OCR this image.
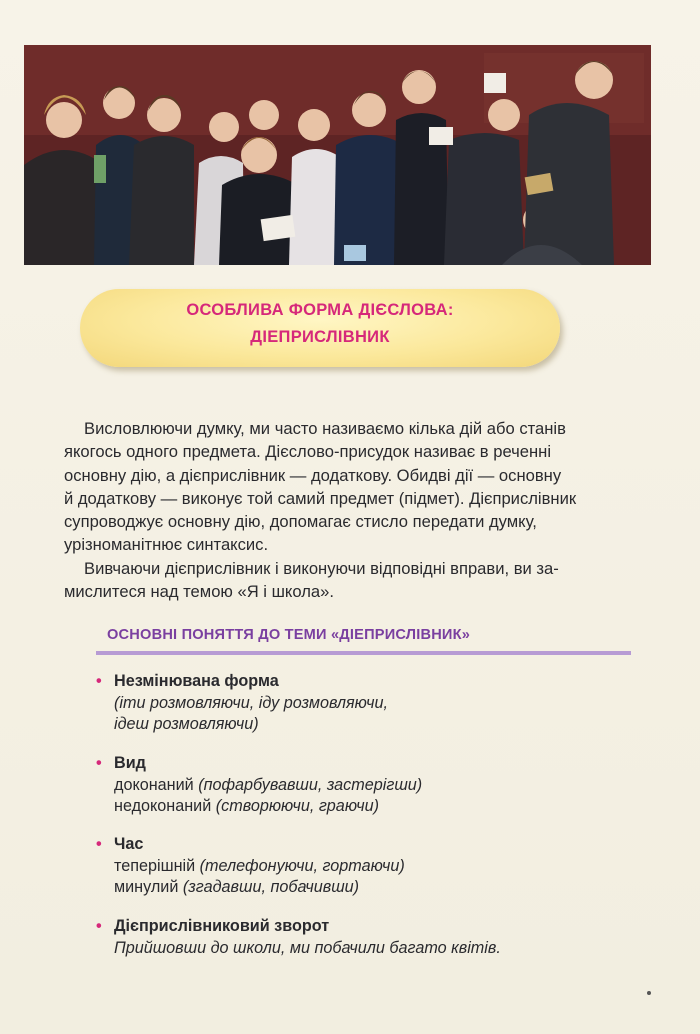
ОСОБЛИВА ФОРМА ДІЄСЛОВА:
ДІЕПРИСЛІВНИК
Висловлюючи думку, ми часто називаємо кілька дій або станів
якогось одного предмета. Дієслово-присудок називає в реченні
основну дію, а дієприслівник — додаткову. Обидві дії — основну
й додаткову — виконує той самий предмет (підмет). Дієприслівник
супроводжує основну дію, допомагає стисло передати думку,
урізноманітнює синтаксис.
Вивчаючи дієприслівник і виконуючи відповідні вправи, ви за-
мислитеся над темою «Я і школа».
ОСНОВНІ ПОНЯТТЯ ДО ТЕМИ «ДІЕПРИСЛІВНИК»
• Незмінювана форма
(іти розмовляючи, іду розмовляючи,
ідеш розмовляючи)
• Вид
доконаний (пофарбувавши, застерігши)
недоконаний (створюючи, граючи)
• Час
теперішній (телефонуючи, гортаючи)
минулий (згадавши, побачивши)
• Дієприслівниковий зворот
Прийшовши до школи, ми побачили багато квітів.
